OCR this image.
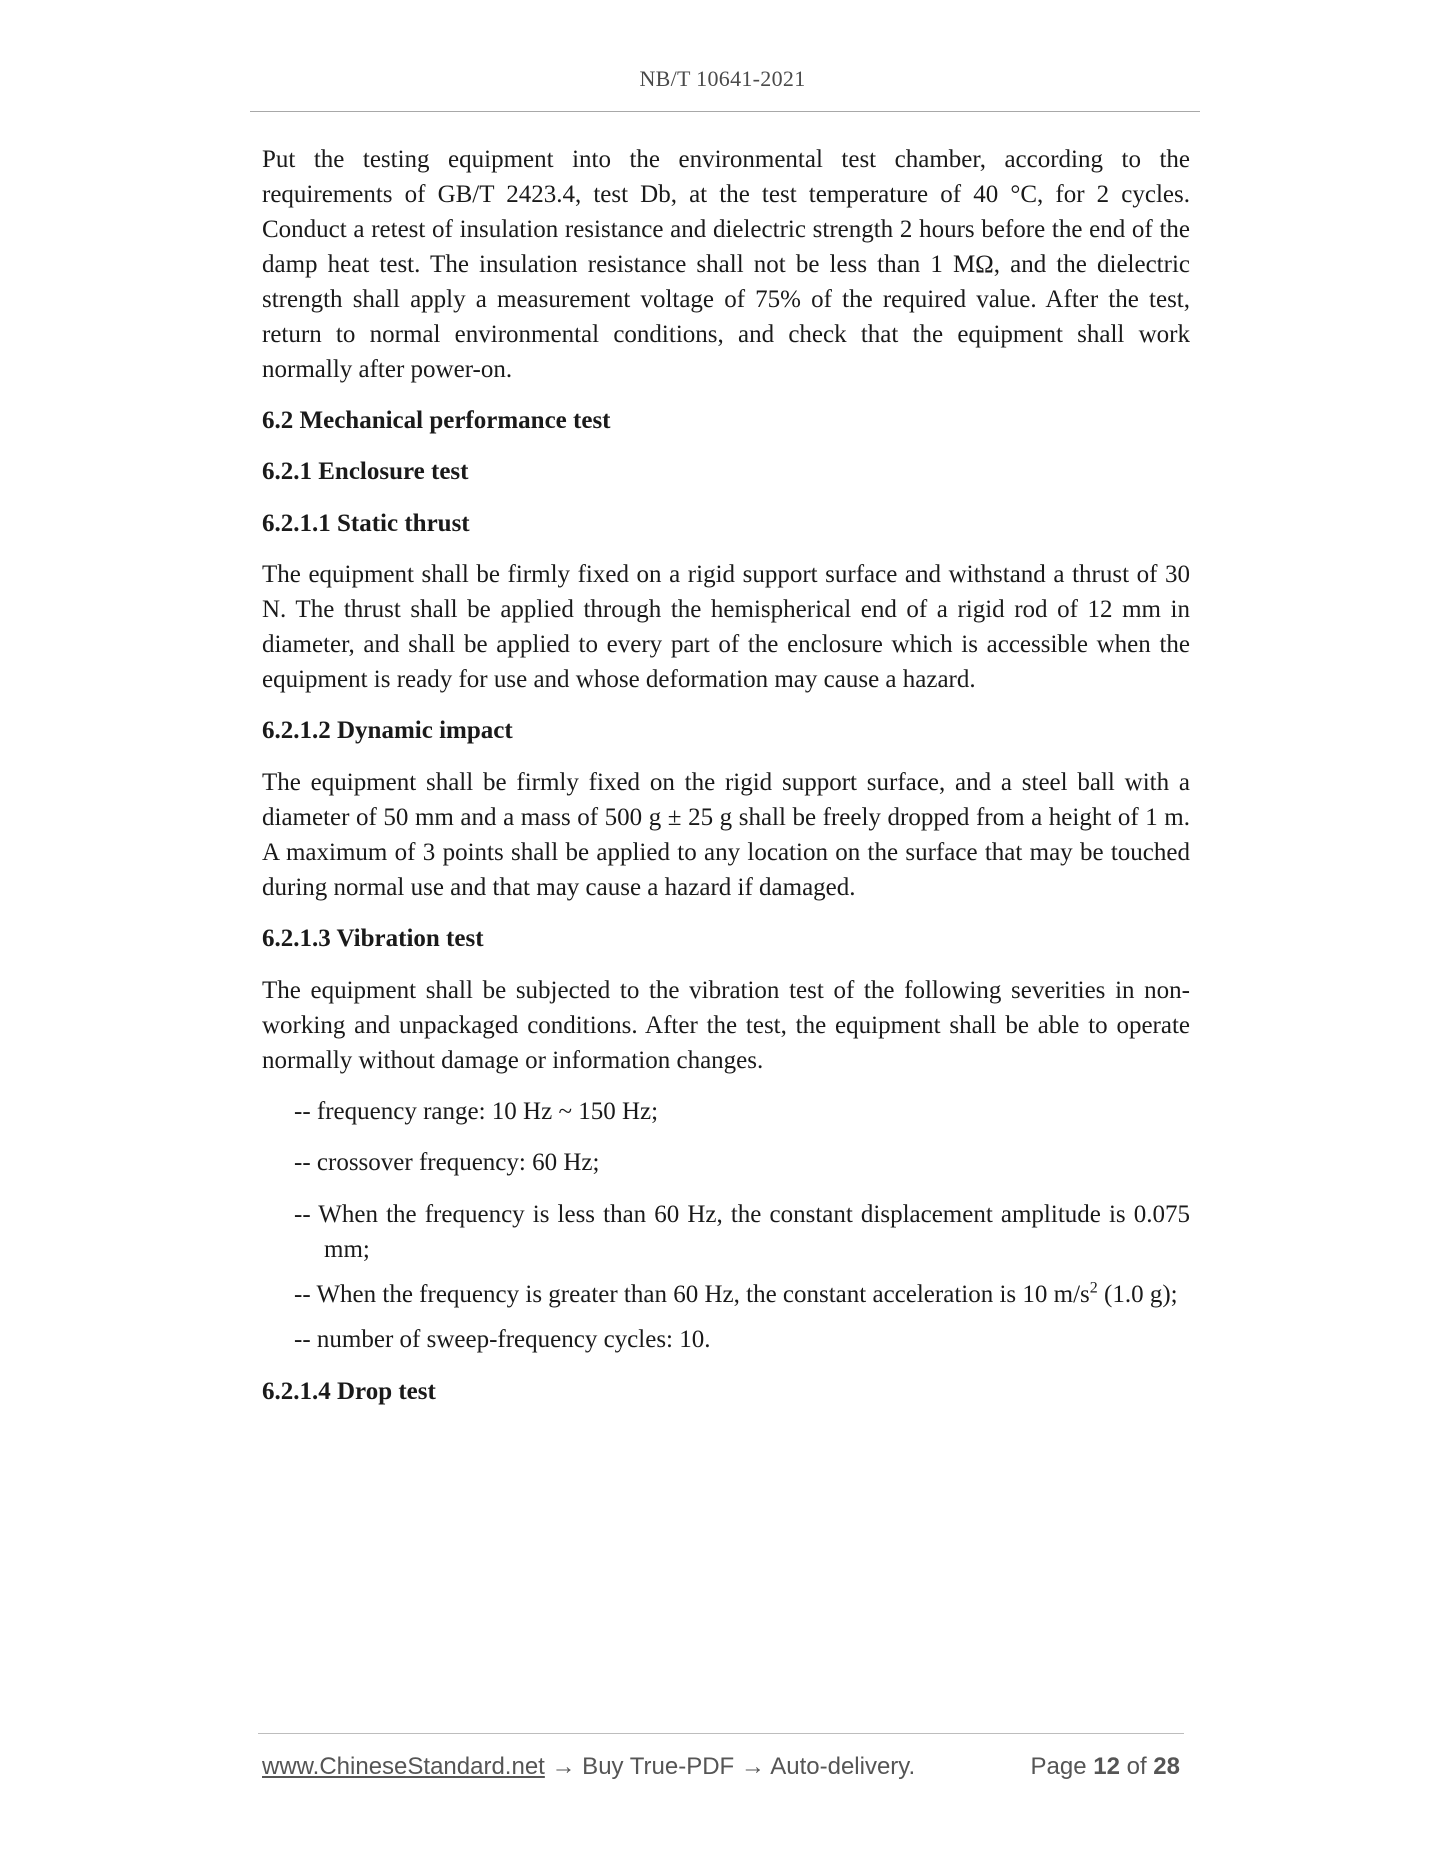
NB/T 10641-2021

Put the testing equipment into the environmental test chamber, according to the requirements of GB/T 2423.4, test Db, at the test temperature of 40 °C, for 2 cycles. Conduct a retest of insulation resistance and dielectric strength 2 hours before the end of the damp heat test. The insulation resistance shall not be less than 1 MΩ, and the dielectric strength shall apply a measurement voltage of 75% of the required value. After the test, return to normal environmental conditions, and check that the equipment shall work normally after power-on.

6.2 Mechanical performance test

6.2.1 Enclosure test

6.2.1.1 Static thrust

The equipment shall be firmly fixed on a rigid support surface and withstand a thrust of 30 N. The thrust shall be applied through the hemispherical end of a rigid rod of 12 mm in diameter, and shall be applied to every part of the enclosure which is accessible when the equipment is ready for use and whose deformation may cause a hazard.

6.2.1.2 Dynamic impact

The equipment shall be firmly fixed on the rigid support surface, and a steel ball with a diameter of 50 mm and a mass of 500 g ± 25 g shall be freely dropped from a height of 1 m. A maximum of 3 points shall be applied to any location on the surface that may be touched during normal use and that may cause a hazard if damaged.

6.2.1.3 Vibration test

The equipment shall be subjected to the vibration test of the following severities in non-working and unpackaged conditions. After the test, the equipment shall be able to operate normally without damage or information changes.

-- frequency range: 10 Hz ~ 150 Hz;

-- crossover frequency: 60 Hz;

-- When the frequency is less than 60 Hz, the constant displacement amplitude is 0.075 mm;

-- When the frequency is greater than 60 Hz, the constant acceleration is 10 $m/s^2$ (1.0 g);

-- number of sweep-frequency cycles: 10.

6.2.1.4 Drop test

www.ChineseStandard.net → Buy True-PDF → Auto-delivery.	Page 12 of 28
